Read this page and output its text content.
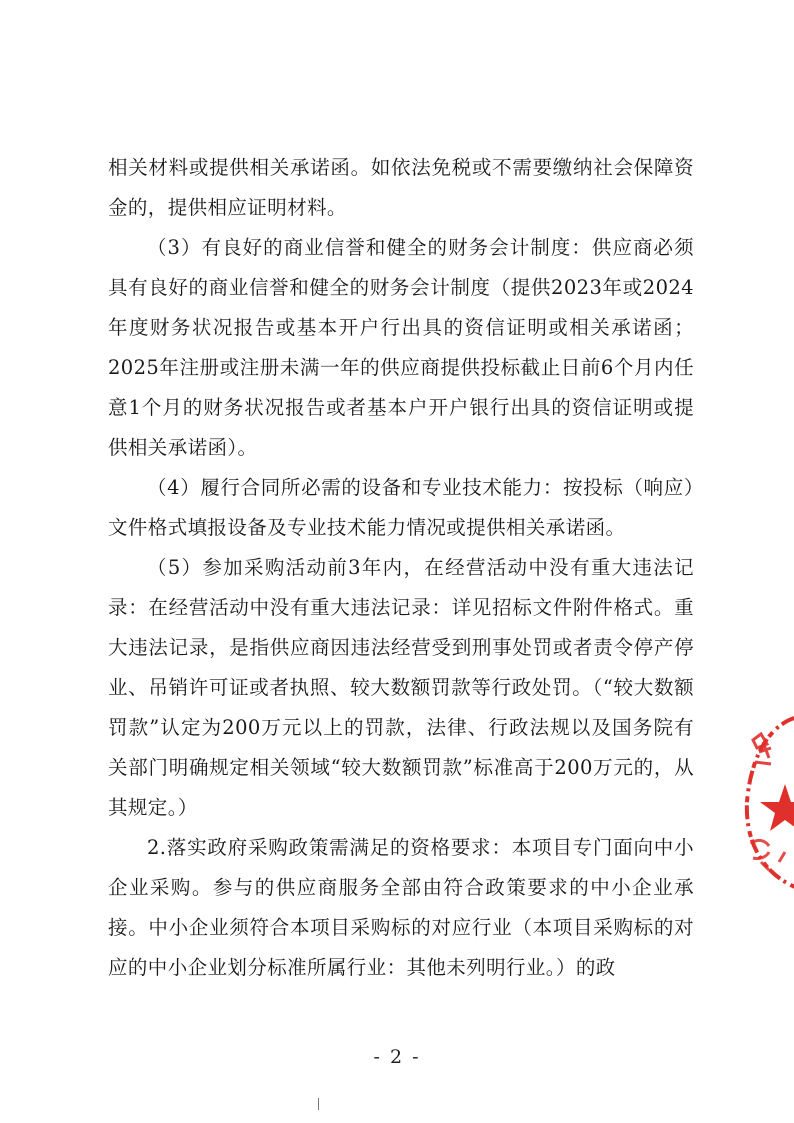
相关材料或提供相关承诺函。如依法免税或不需要缴纳社会保障资金的，提供相应证明材料。

（3）有良好的商业信誉和健全的财务会计制度：供应商必须具有良好的商业信誉和健全的财务会计制度（提供2023年或2024年度财务状况报告或基本开户行出具的资信证明或相关承诺函；2025年注册或注册未满一年的供应商提供投标截止日前6个月内任意1个月的财务状况报告或者基本户开户银行出具的资信证明或提供相关承诺函）。

（4）履行合同所必需的设备和专业技术能力：按投标（响应）文件格式填报设备及专业技术能力情况或提供相关承诺函。

（5）参加采购活动前3年内，在经营活动中没有重大违法记录：在经营活动中没有重大违法记录：详见招标文件附件格式。重大违法记录，是指供应商因违法经营受到刑事处罚或者责令停产停业、吊销许可证或者执照、较大数额罚款等行政处罚。（“较大数额罚款”认定为200万元以上的罚款，法律、行政法规以及国务院有关部门明确规定相关领域“较大数额罚款”标准高于200万元的，从其规定。）

2.落实政府采购政策需满足的资格要求：本项目专门面向中小企业采购。参与的供应商服务全部由符合政策要求的中小企业承接。中小企业须符合本项目采购标的对应行业（本项目采购标的对应的中小企业划分标准所属行业：其他未列明行业。）的政

- 2 -
